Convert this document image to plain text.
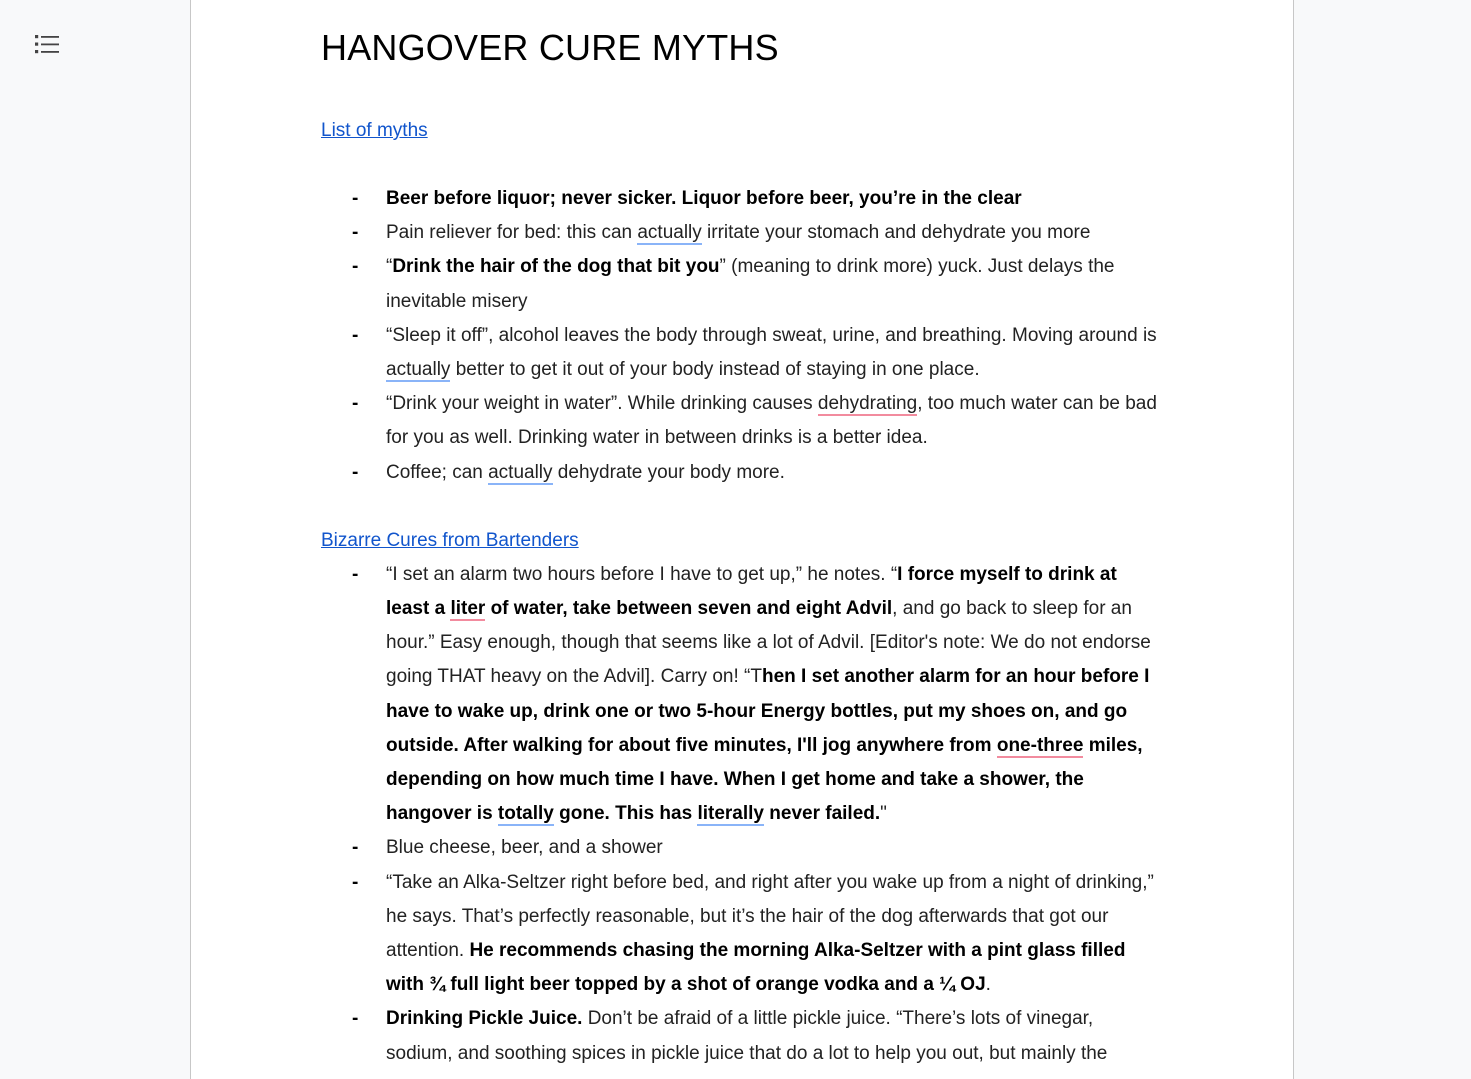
HANGOVER CURE MYTHS
List of myths
- Beer before liquor; never sicker. Liquor before beer, you’re in the clear
- Pain reliever for bed: this can actually irritate your stomach and dehydrate you more
- “Drink the hair of the dog that bit you” (meaning to drink more) yuck. Just delays the inevitable misery
- “Sleep it off”, alcohol leaves the body through sweat, urine, and breathing. Moving around is actually better to get it out of your body instead of staying in one place.
- “Drink your weight in water”. While drinking causes dehydrating, too much water can be bad for you as well. Drinking water in between drinks is a better idea.
- Coffee; can actually dehydrate your body more.
Bizarre Cures from Bartenders
- “I set an alarm two hours before I have to get up,” he notes. “I force myself to drink at least a liter of water, take between seven and eight Advil, and go back to sleep for an hour.” Easy enough, though that seems like a lot of Advil. [Editor's note: We do not endorse going THAT heavy on the Advil]. Carry on! “Then I set another alarm for an hour before I have to wake up, drink one or two 5-hour Energy bottles, put my shoes on, and go outside. After walking for about five minutes, I'll jog anywhere from one-three miles, depending on how much time I have. When I get home and take a shower, the hangover is totally gone. This has literally never failed."
- Blue cheese, beer, and a shower
- “Take an Alka-Seltzer right before bed, and right after you wake up from a night of drinking,” he says. That’s perfectly reasonable, but it’s the hair of the dog afterwards that got our attention. He recommends chasing the morning Alka-Seltzer with a pint glass filled with ¾ full light beer topped by a shot of orange vodka and a ¼ OJ.
- Drinking Pickle Juice. Don’t be afraid of a little pickle juice. “There’s lots of vinegar, sodium, and soothing spices in pickle juice that do a lot to help you out, but mainly the
